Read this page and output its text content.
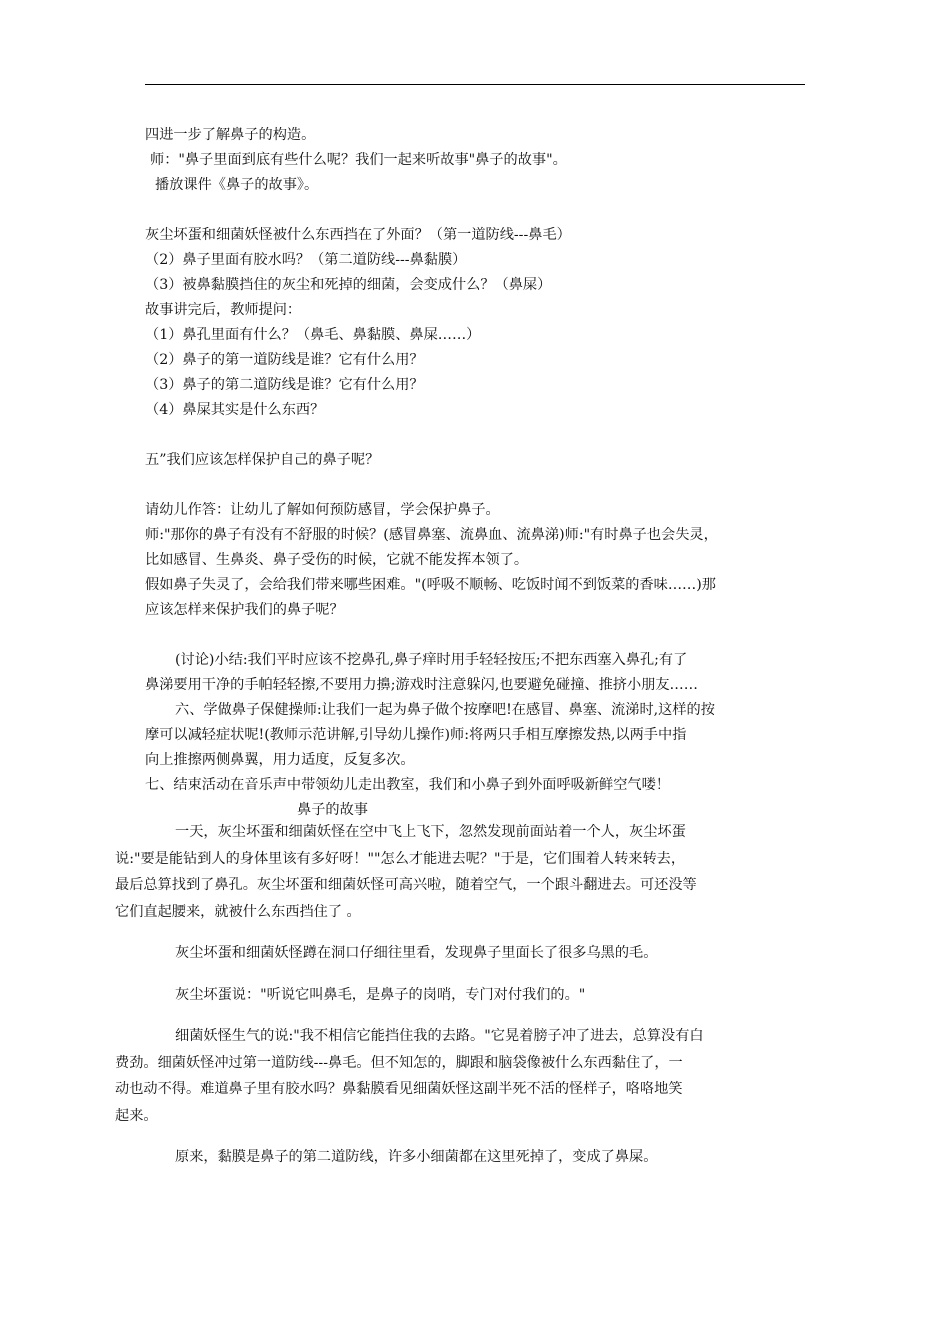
四进一步了解鼻子的构造。
师："鼻子里面到底有些什么呢？我们一起来听故事"鼻子的故事"。
播放课件《鼻子的故事》。
灰尘坏蛋和细菌妖怪被什么东西挡在了外面？（第一道防线---鼻毛）
（2）鼻子里面有胶水吗？（第二道防线---鼻黏膜）
（3）被鼻黏膜挡住的灰尘和死掉的细菌，会变成什么？（鼻屎）
故事讲完后，教师提问：
（1）鼻孔里面有什么？（鼻毛、鼻黏膜、鼻屎……）
（2）鼻子的第一道防线是谁？它有什么用？
（3）鼻子的第二道防线是谁？它有什么用？
（4）鼻屎其实是什么东西？
五”我们应该怎样保护自己的鼻子呢？
请幼儿作答：让幼儿了解如何预防感冒，学会保护鼻子。
师:"那你的鼻子有没有不舒服的时候？(感冒鼻塞、流鼻血、流鼻涕)师:"有时鼻子也会失灵，
比如感冒、生鼻炎、鼻子受伤的时候，它就不能发挥本领了。
假如鼻子失灵了，会给我们带来哪些困难。"(呼吸不顺畅、吃饭时闻不到饭菜的香味……)那
应该怎样来保护我们的鼻子呢？
(讨论)小结:我们平时应该不挖鼻孔,鼻子痒时用手轻轻按压;不把东西塞入鼻孔;有了
鼻涕要用干净的手帕轻轻擦,不要用力擤;游戏时注意躲闪,也要避免碰撞、推挤小朋友……
六、学做鼻子保健操师:让我们一起为鼻子做个按摩吧!在感冒、鼻塞、流涕时,这样的按
摩可以减轻症状呢!(教师示范讲解,引导幼儿操作)师:将两只手相互摩擦发热,以两手中指
向上推擦两侧鼻翼，用力适度，反复多次。
七、结束活动在音乐声中带领幼儿走出教室，我们和小鼻子到外面呼吸新鲜空气喽！
鼻子的故事
一天，灰尘坏蛋和细菌妖怪在空中飞上飞下，忽然发现前面站着一个人，灰尘坏蛋
说:"要是能钻到人的身体里该有多好呀！""怎么才能进去呢？"于是，它们围着人转来转去，
最后总算找到了鼻孔。灰尘坏蛋和细菌妖怪可高兴啦，随着空气，一个跟斗翻进去。可还没等
它们直起腰来，就被什么东西挡住了 。
灰尘坏蛋和细菌妖怪蹲在洞口仔细往里看，发现鼻子里面长了很多乌黑的毛。
灰尘坏蛋说："听说它叫鼻毛，是鼻子的岗哨，专门对付我们的。"
细菌妖怪生气的说:"我不相信它能挡住我的去路。"它晃着膀子冲了进去，总算没有白
费劲。细菌妖怪冲过第一道防线---鼻毛。但不知怎的，脚跟和脑袋像被什么东西黏住了，一
动也动不得。难道鼻子里有胶水吗？鼻黏膜看见细菌妖怪这副半死不活的怪样子，咯咯地笑
起来。
原来，黏膜是鼻子的第二道防线，许多小细菌都在这里死掉了，变成了鼻屎。
